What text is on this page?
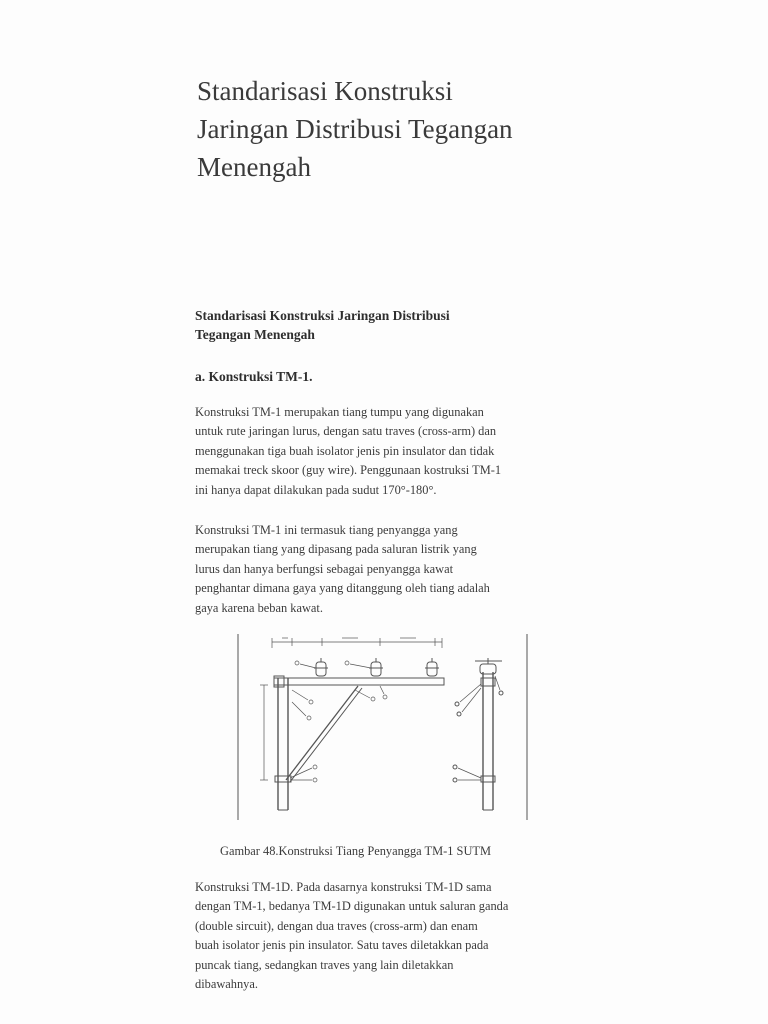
Standarisasi Konstruksi
Jaringan Distribusi Tegangan
Menengah
Standarisasi Konstruksi Jaringan Distribusi
Tegangan Menengah
a. Konstruksi TM-1.

Konstruksi TM-1 merupakan tiang tumpu yang digunakan
untuk rute jaringan lurus, dengan satu traves (cross-arm) dan
menggunakan tiga buah isolator jenis pin insulator dan tidak
memakai treck skoor (guy wire). Penggunaan kostruksi TM-1
ini hanya dapat dilakukan pada sudut 170°-180°.

Konstruksi TM-1 ini termasuk tiang penyangga yang
merupakan tiang yang dipasang pada saluran listrik yang
lurus dan hanya berfungsi sebagai penyangga kawat
penghantar dimana gaya yang ditanggung oleh tiang adalah
gaya karena beban kawat.

Gambar 48.Konstruksi Tiang Penyangga TM-1 SUTM

Konstruksi TM-1D. Pada dasarnya konstruksi TM-1D sama
dengan TM-1, bedanya TM-1D digunakan untuk saluran ganda
(double sircuit), dengan dua traves (cross-arm) dan enam
buah isolator jenis pin insulator. Satu taves diletakkan pada
puncak tiang, sedangkan traves yang lain diletakkan
dibawahnya.
